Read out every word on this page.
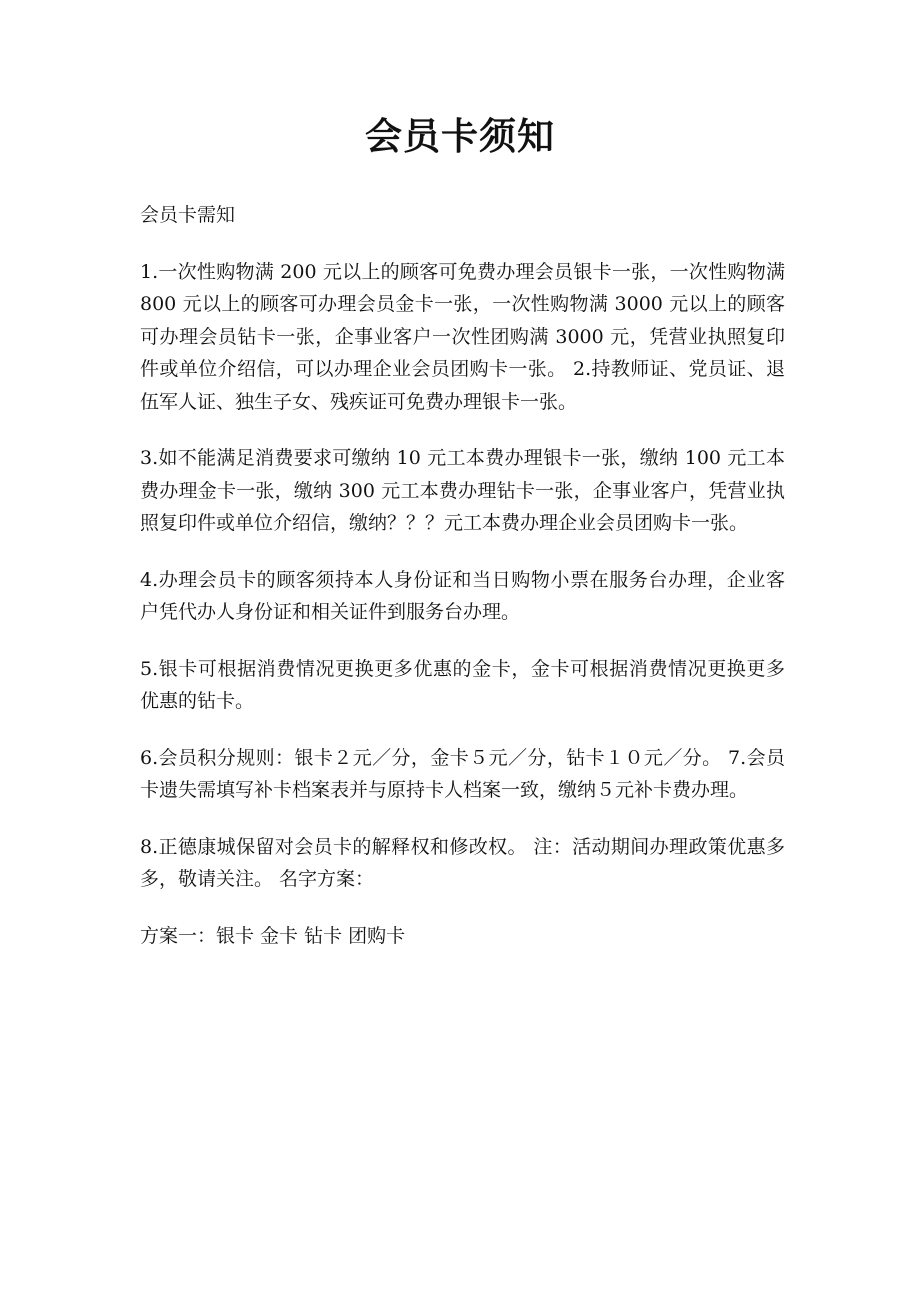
会员卡须知

会员卡需知

1.一次性购物满 200 元以上的顾客可免费办理会员银卡一张，一次性购物满 800 元以上的顾客可办理会员金卡一张，一次性购物满 3000 元以上的顾客可办理会员钻卡一张，企事业客户一次性团购满 3000 元，凭营业执照复印件或单位介绍信，可以办理企业会员团购卡一张。 2.持教师证、党员证、退伍军人证、独生子女、残疾证可免费办理银卡一张。

3.如不能满足消费要求可缴纳 10 元工本费办理银卡一张，缴纳 100 元工本费办理金卡一张，缴纳 300 元工本费办理钻卡一张，企事业客户，凭营业执照复印件或单位介绍信，缴纳？？？元工本费办理企业会员团购卡一张。

4.办理会员卡的顾客须持本人身份证和当日购物小票在服务台办理，企业客户凭代办人身份证和相关证件到服务台办理。

5.银卡可根据消费情况更换更多优惠的金卡，金卡可根据消费情况更换更多优惠的钻卡。

6.会员积分规则：银卡２元／分，金卡５元／分，钻卡１０元／分。 7.会员卡遗失需填写补卡档案表并与原持卡人档案一致，缴纳５元补卡费办理。

8.正德康城保留对会员卡的解释权和修改权。 注：活动期间办理政策优惠多多，敬请关注。 名字方案：

方案一：银卡 金卡 钻卡 团购卡
